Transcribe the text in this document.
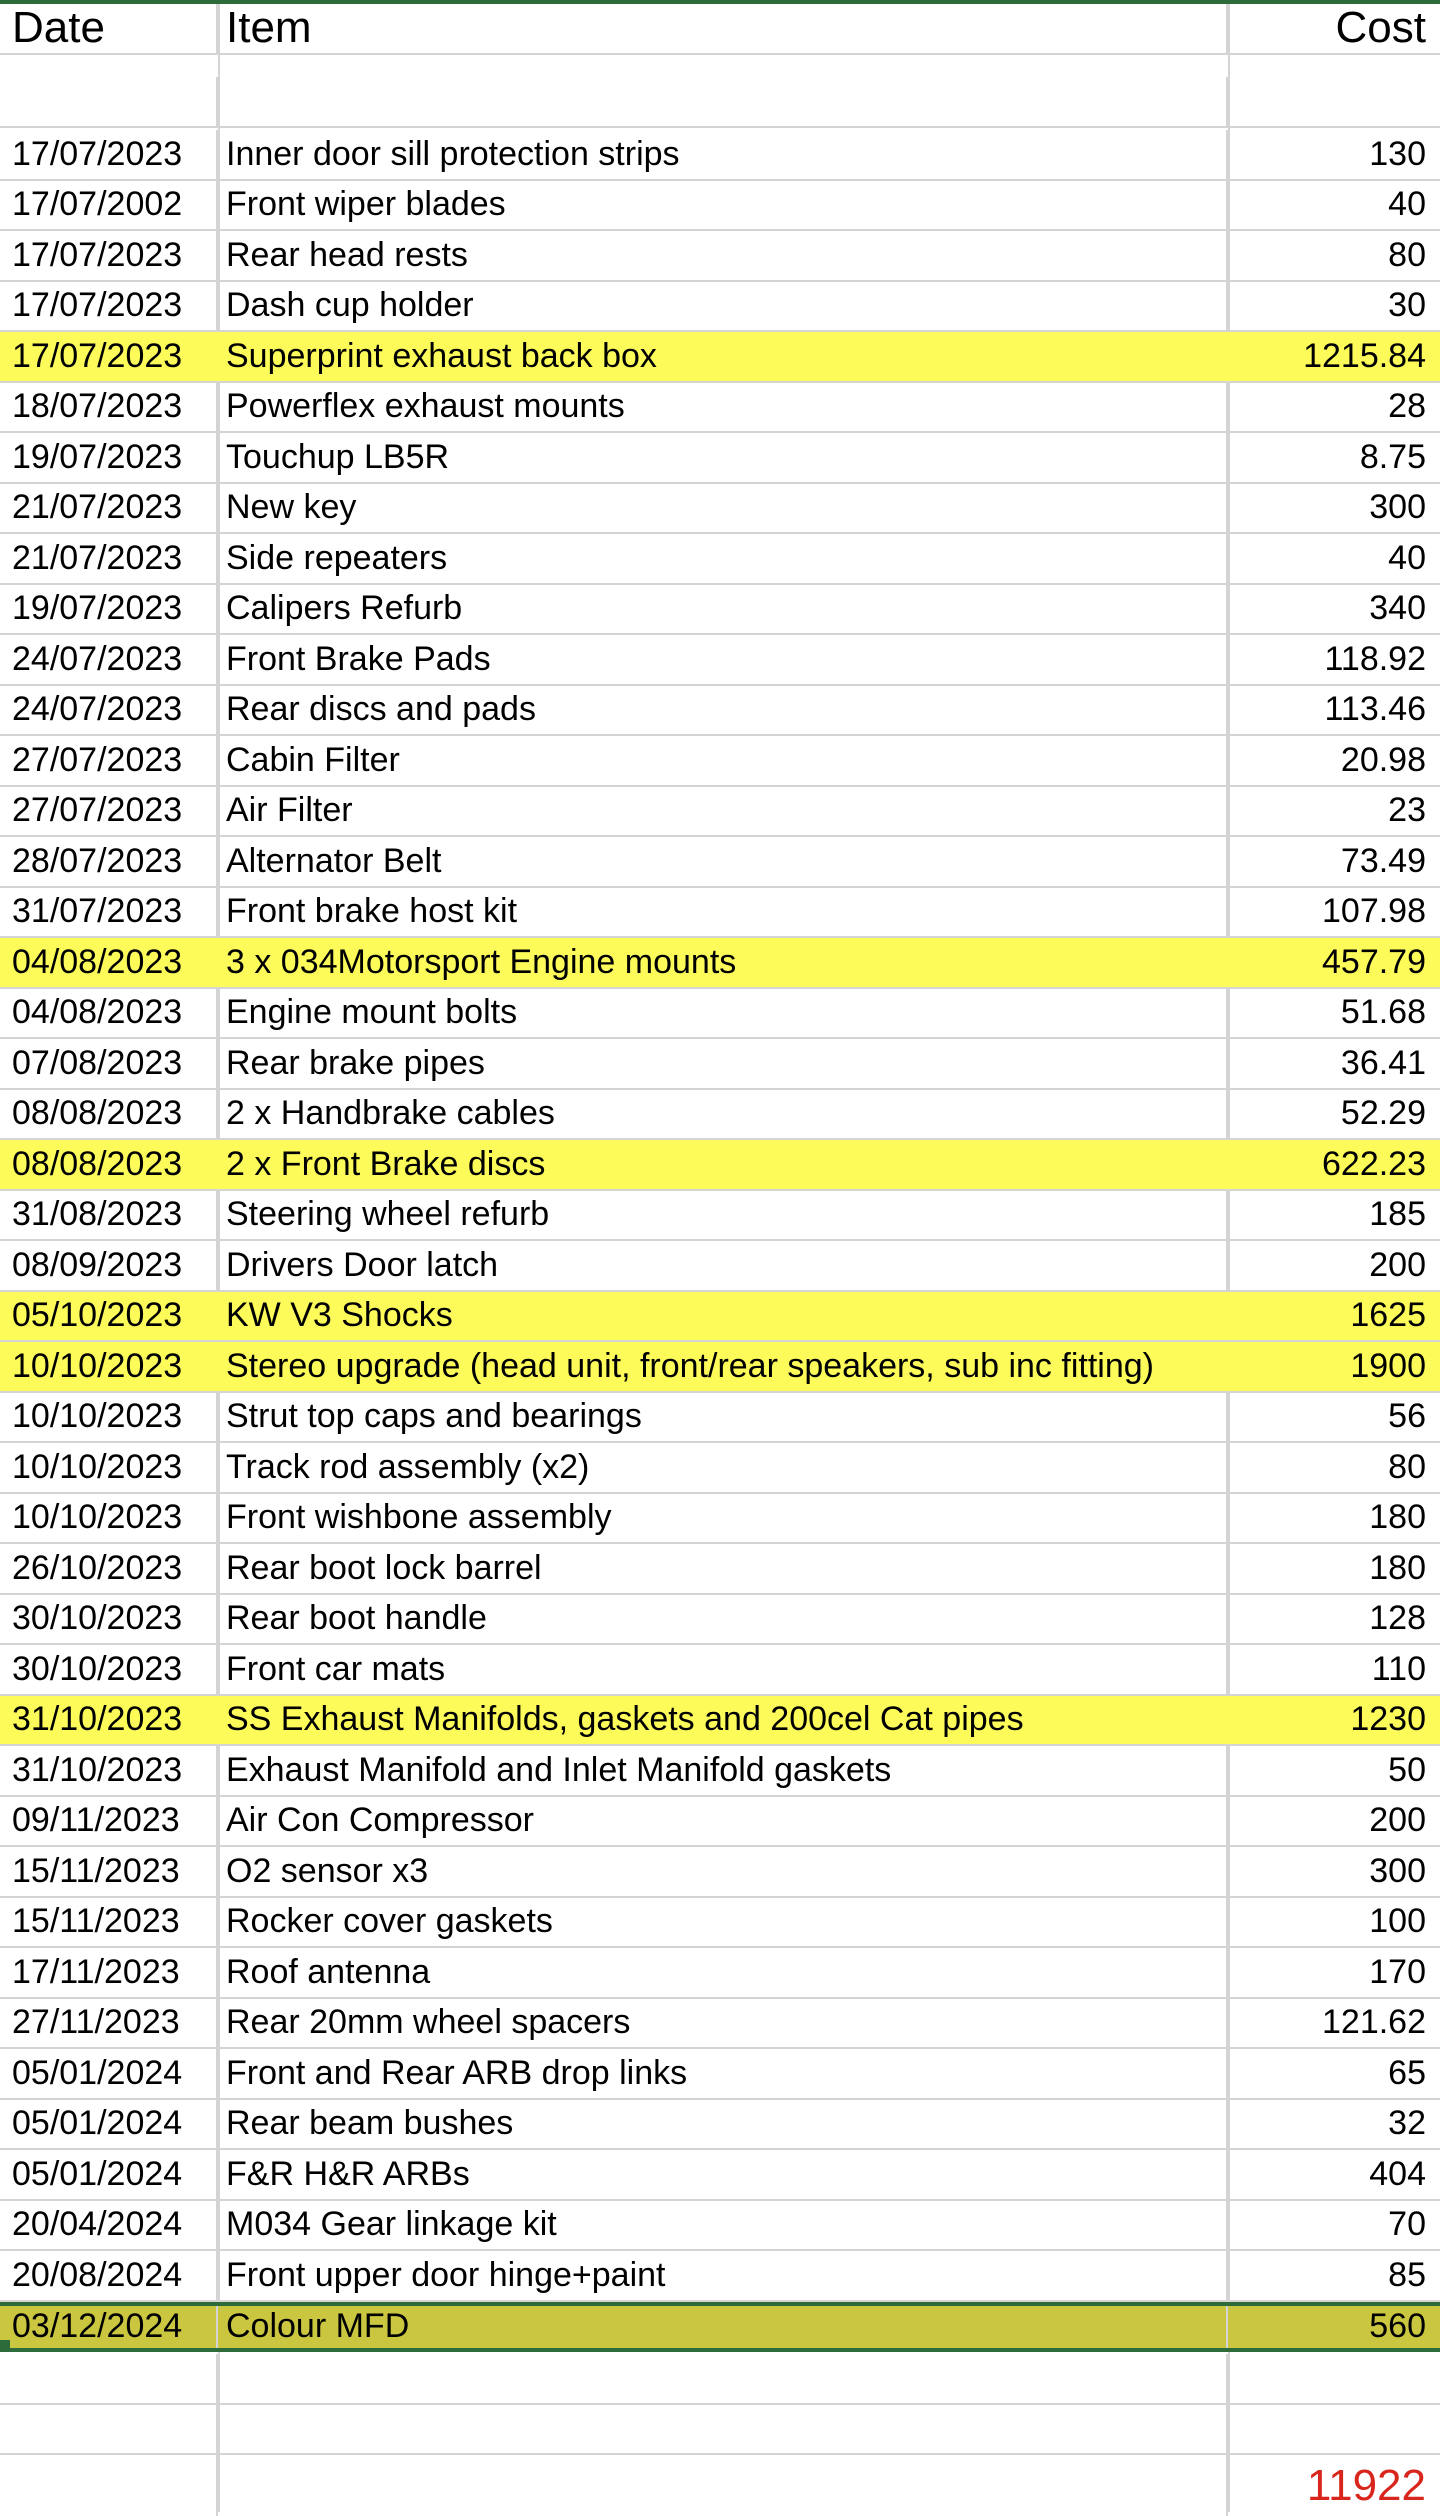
Date	Item	Cost
17/07/2023	Inner door sill protection strips	130
17/07/2002	Front wiper blades	40
17/07/2023	Rear head rests	80
17/07/2023	Dash cup holder	30
17/07/2023	Superprint exhaust back box	1215.84
18/07/2023	Powerflex exhaust mounts	28
19/07/2023	Touchup LB5R	8.75
21/07/2023	New key	300
21/07/2023	Side repeaters	40
19/07/2023	Calipers Refurb	340
24/07/2023	Front Brake Pads	118.92
24/07/2023	Rear discs and pads	113.46
27/07/2023	Cabin Filter	20.98
27/07/2023	Air Filter	23
28/07/2023	Alternator Belt	73.49
31/07/2023	Front brake host kit	107.98
04/08/2023	3 x 034Motorsport Engine mounts	457.79
04/08/2023	Engine mount bolts	51.68
07/08/2023	Rear brake pipes	36.41
08/08/2023	2 x Handbrake cables	52.29
08/08/2023	2 x Front Brake discs	622.23
31/08/2023	Steering wheel refurb	185
08/09/2023	Drivers Door latch	200
05/10/2023	KW V3 Shocks	1625
10/10/2023	Stereo upgrade (head unit, front/rear speakers, sub inc fitting)	1900
10/10/2023	Strut top caps and bearings	56
10/10/2023	Track rod assembly (x2)	80
10/10/2023	Front wishbone assembly	180
26/10/2023	Rear boot lock barrel	180
30/10/2023	Rear boot handle	128
30/10/2023	Front car mats	110
31/10/2023	SS Exhaust Manifolds, gaskets and 200cel Cat pipes	1230
31/10/2023	Exhaust Manifold and Inlet Manifold gaskets	50
09/11/2023	Air Con Compressor	200
15/11/2023	O2 sensor x3	300
15/11/2023	Rocker cover gaskets	100
17/11/2023	Roof antenna	170
27/11/2023	Rear 20mm wheel spacers	121.62
05/01/2024	Front and Rear ARB drop links	65
05/01/2024	Rear beam bushes	32
05/01/2024	F&R H&R ARBs	404
20/04/2024	M034 Gear linkage kit	70
20/08/2024	Front upper door hinge+paint	85
03/12/2024	Colour MFD	560
11922
